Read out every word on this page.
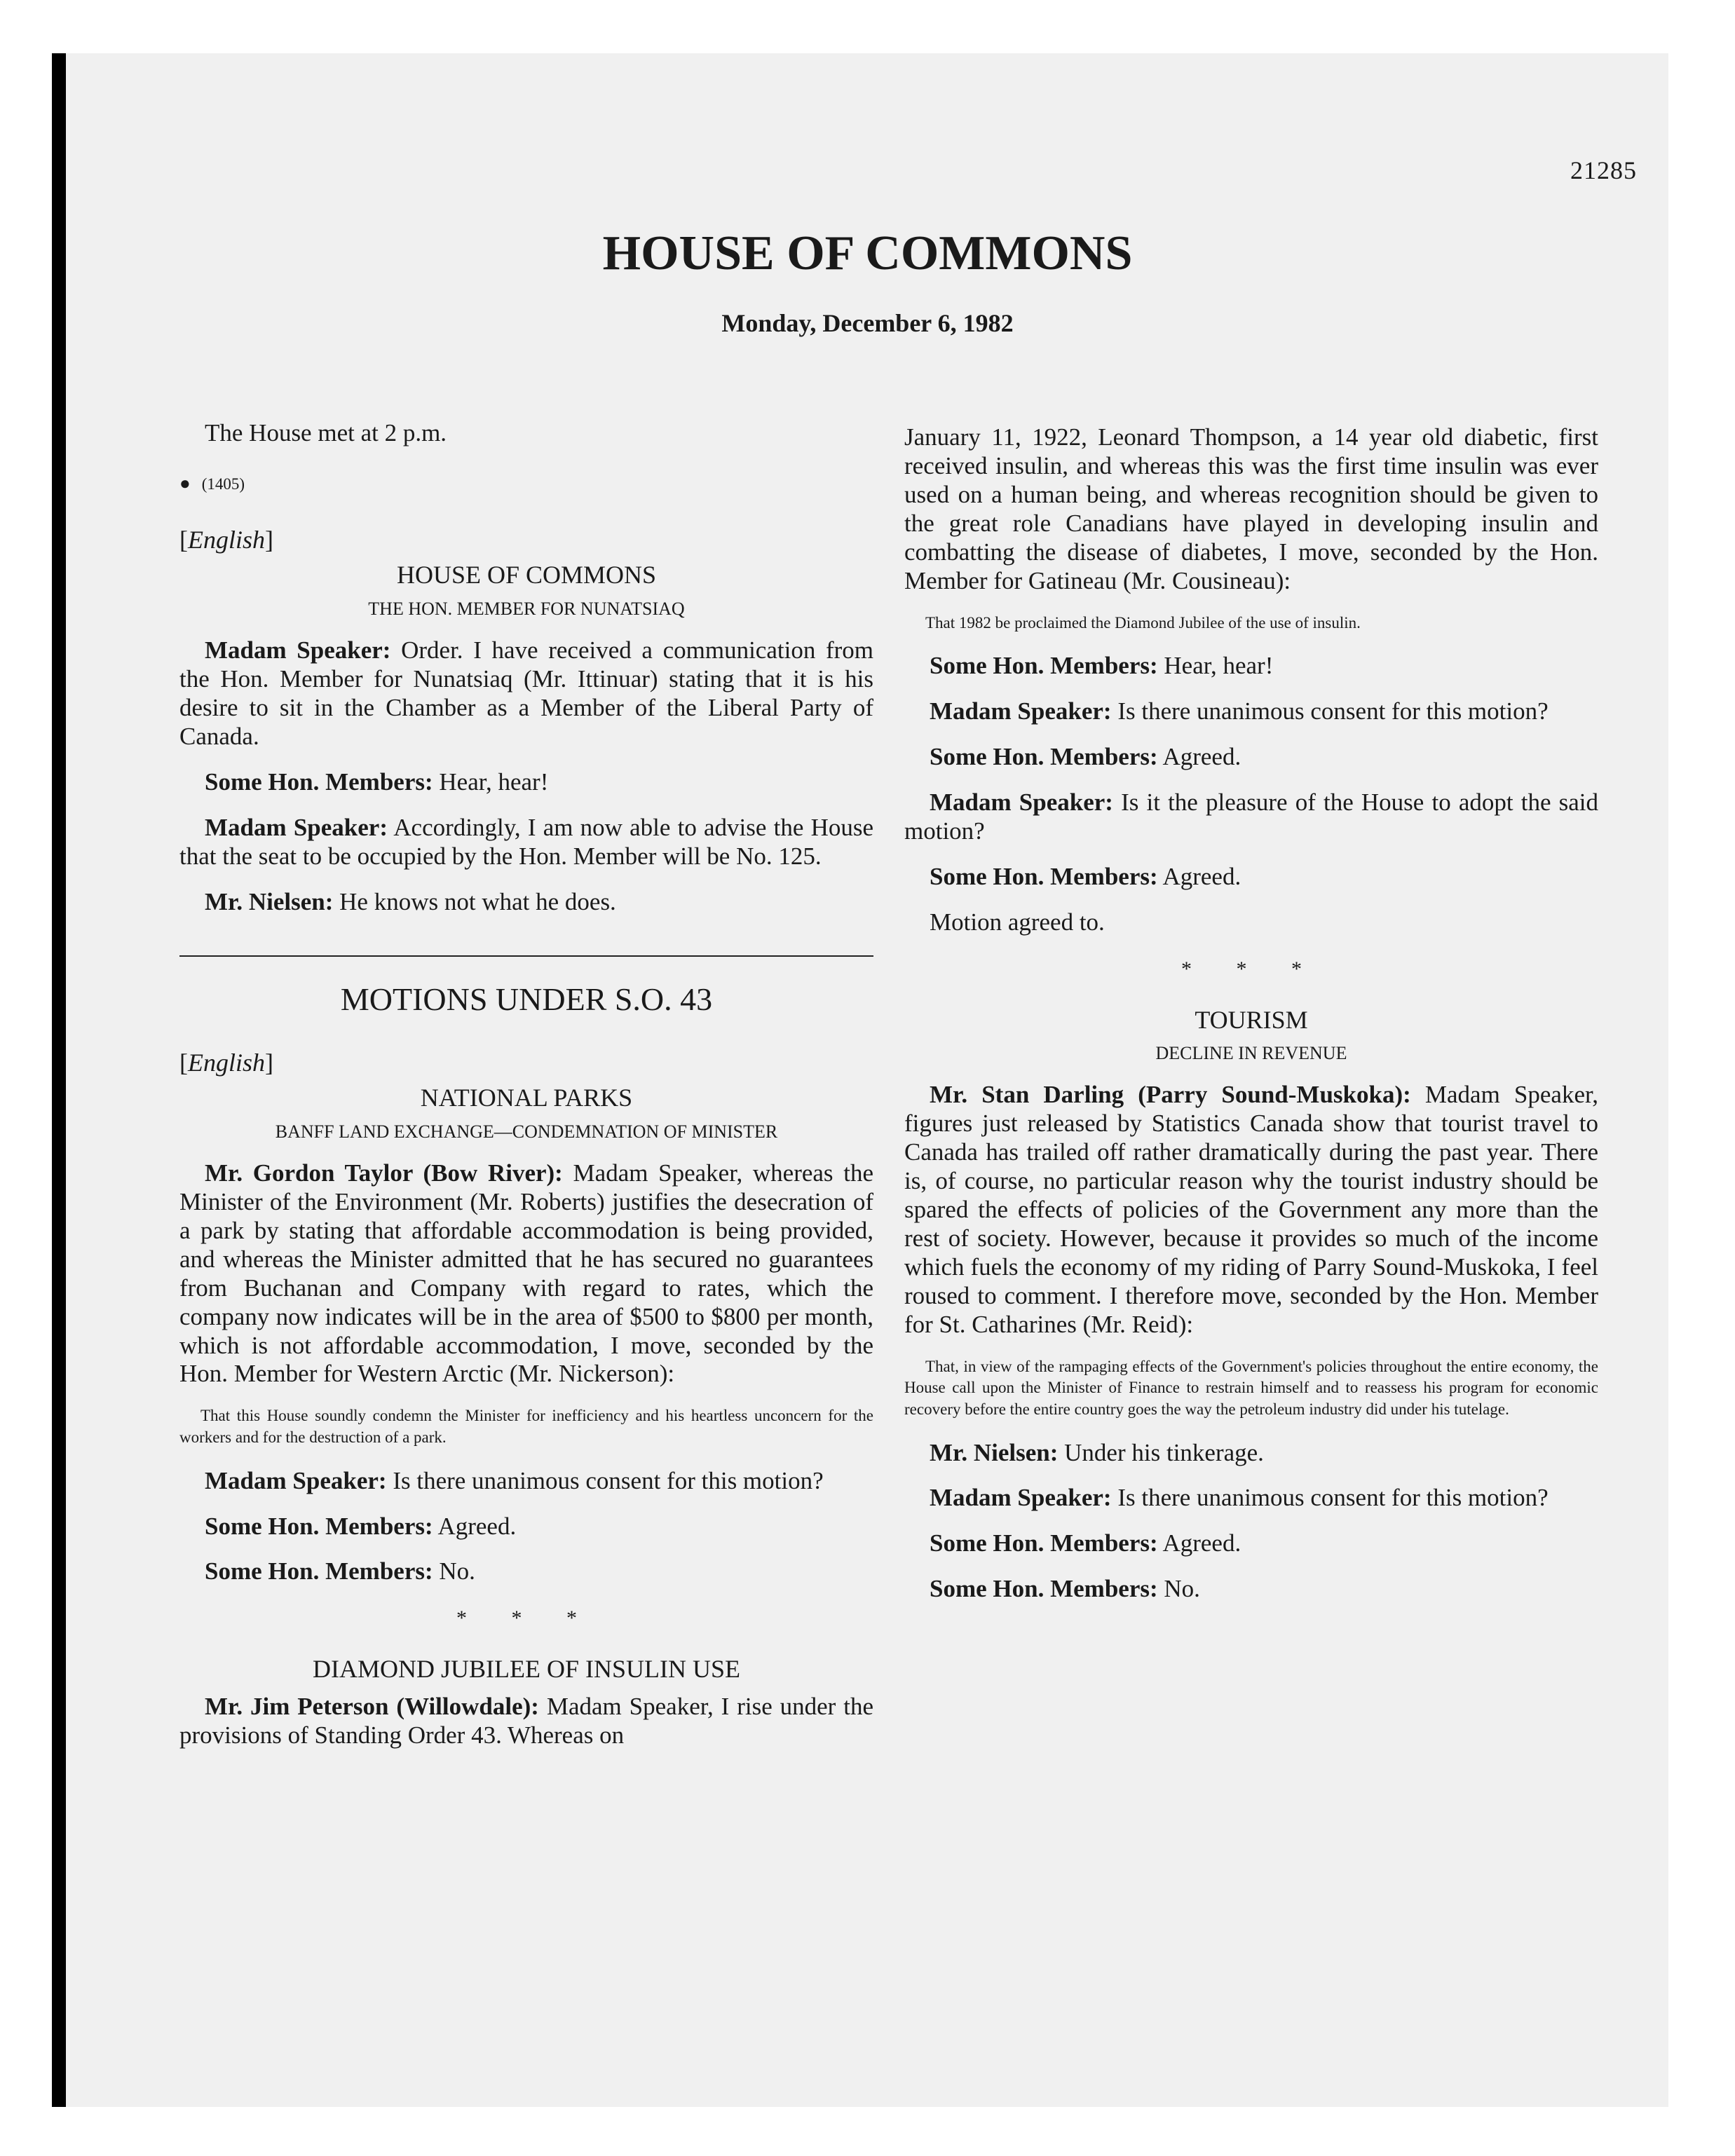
21285
HOUSE OF COMMONS
Monday, December 6, 1982

The House met at 2 p.m.

● (1405)
[English]
HOUSE OF COMMONS
THE HON. MEMBER FOR NUNATSIAQ

Madam Speaker: Order. I have received a communication from the Hon. Member for Nunatsiaq (Mr. Ittinuar) stating that it is his desire to sit in the Chamber as a Member of the Liberal Party of Canada.

Some Hon. Members: Hear, hear!

Madam Speaker: Accordingly, I am now able to advise the House that the seat to be occupied by the Hon. Member will be No. 125.

Mr. Nielsen: He knows not what he does.

MOTIONS UNDER S.O. 43
[English]
NATIONAL PARKS
BANFF LAND EXCHANGE—CONDEMNATION OF MINISTER

Mr. Gordon Taylor (Bow River): Madam Speaker, whereas the Minister of the Environment (Mr. Roberts) justifies the desecration of a park by stating that affordable accommodation is being provided, and whereas the Minister admitted that he has secured no guarantees from Buchanan and Company with regard to rates, which the company now indicates will be in the area of $500 to $800 per month, which is not affordable accommodation, I move, seconded by the Hon. Member for Western Arctic (Mr. Nickerson):

That this House soundly condemn the Minister for inefficiency and his heartless unconcern for the workers and for the destruction of a park.

Madam Speaker: Is there unanimous consent for this motion?

Some Hon. Members: Agreed.

Some Hon. Members: No.

* * *
DIAMOND JUBILEE OF INSULIN USE

Mr. Jim Peterson (Willowdale): Madam Speaker, I rise under the provisions of Standing Order 43. Whereas on

January 11, 1922, Leonard Thompson, a 14 year old diabetic, first received insulin, and whereas this was the first time insulin was ever used on a human being, and whereas recognition should be given to the great role Canadians have played in developing insulin and combatting the disease of diabetes, I move, seconded by the Hon. Member for Gatineau (Mr. Cousineau):

That 1982 be proclaimed the Diamond Jubilee of the use of insulin.

Some Hon. Members: Hear, hear!

Madam Speaker: Is there unanimous consent for this motion?

Some Hon. Members: Agreed.

Madam Speaker: Is it the pleasure of the House to adopt the said motion?

Some Hon. Members: Agreed.

Motion agreed to.

* * *
TOURISM
DECLINE IN REVENUE

Mr. Stan Darling (Parry Sound-Muskoka): Madam Speaker, figures just released by Statistics Canada show that tourist travel to Canada has trailed off rather dramatically during the past year. There is, of course, no particular reason why the tourist industry should be spared the effects of policies of the Government any more than the rest of society. However, because it provides so much of the income which fuels the economy of my riding of Parry Sound-Muskoka, I feel roused to comment. I therefore move, seconded by the Hon. Member for St. Catharines (Mr. Reid):

That, in view of the rampaging effects of the Government's policies throughout the entire economy, the House call upon the Minister of Finance to restrain himself and to reassess his program for economic recovery before the entire country goes the way the petroleum industry did under his tutelage.

Mr. Nielsen: Under his tinkerage.

Madam Speaker: Is there unanimous consent for this motion?

Some Hon. Members: Agreed.

Some Hon. Members: No.
